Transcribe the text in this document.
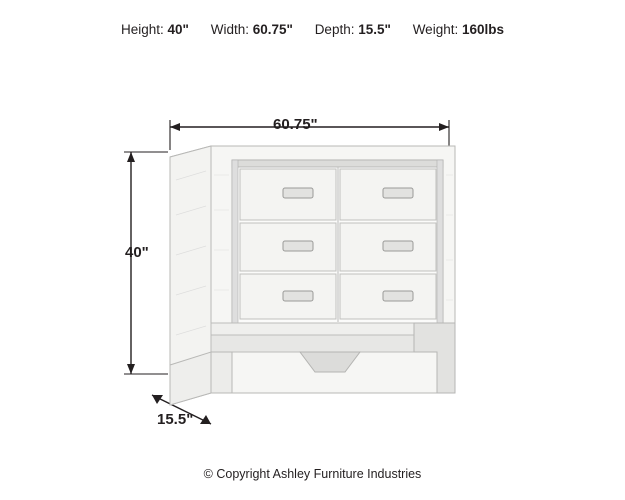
Height: 40" Width: 60.75" Depth: 15.5" Weight: 160lbs
60.75"
40"
15.5"
© Copyright Ashley Furniture Industries
